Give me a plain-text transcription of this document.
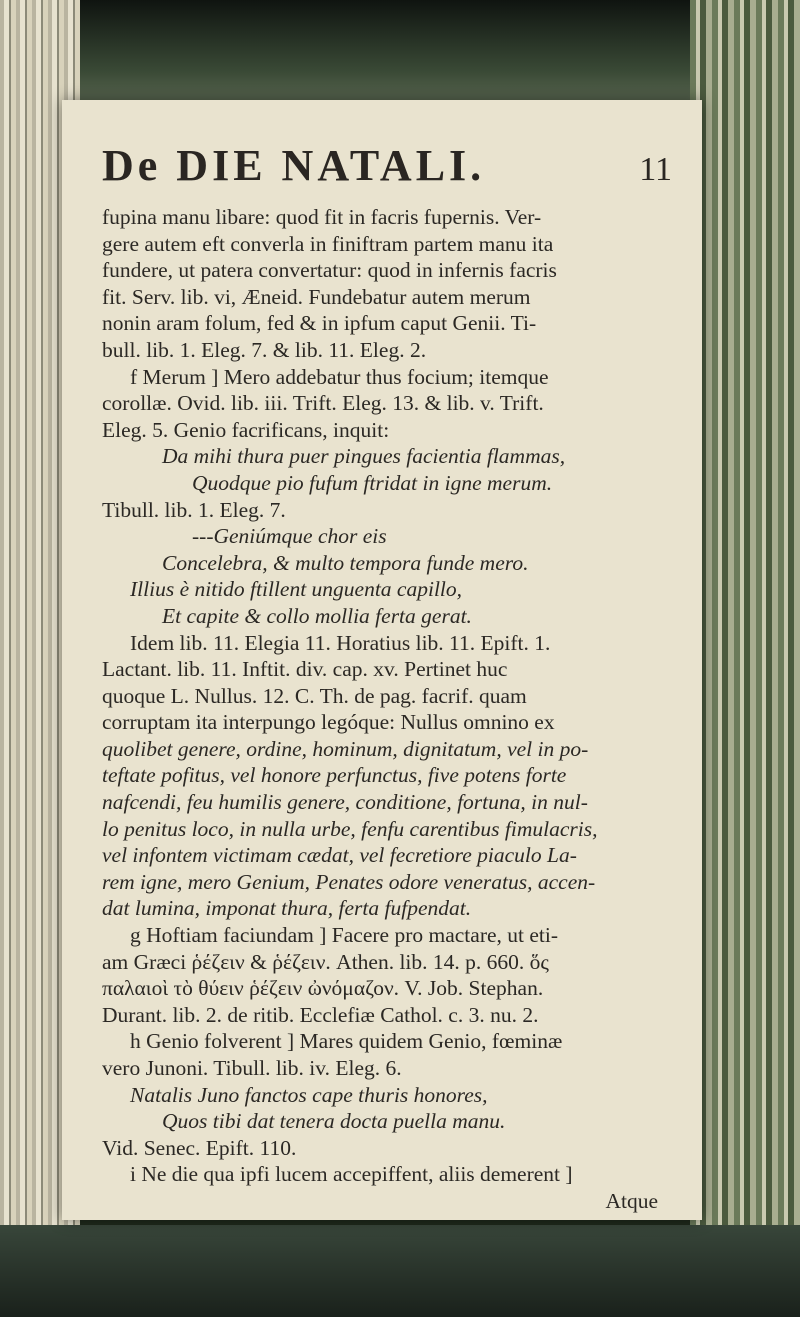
De DIE NATALI.	11
fupina manu libare: quod fit in facris fupernis. Ver-
gere autem eft converla in finiftram partem manu ita
fundere, ut patera convertatur: quod in infernis facris
fit. Serv. lib. vi, Æneid. Fundebatur autem merum
nonin aram folum, fed & in ipfum caput Genii. Ti-
bull. lib. 1. Eleg. 7. & lib. 11. Eleg. 2.
f Merum ] Mero addebatur thus focium; itemque
corollæ. Ovid. lib. iii. Trift. Eleg. 13. & lib. v. Trift.
Eleg. 5. Genio facrificans, inquit:
Da mihi thura puer pingues facientia flammas,
Quodque pio fufum ftridat in igne merum.
Tibull. lib. 1. Eleg. 7.
---Geniúmque chor eis
Concelebra, & multo tempora funde mero.
Illius è nitido ftillent unguenta capillo,
Et capite & collo mollia ferta gerat.
Idem lib. 11. Elegia 11. Horatius lib. 11. Epift. 1.
Lactant. lib. 11. Inftit. div. cap. xv. Pertinet huc
quoque L. Nullus. 12. C. Th. de pag. facrif. quam
corruptam ita interpungo legóque: Nullus omnino ex
quolibet genere, ordine, hominum, dignitatum, vel in po-
teftate pofitus, vel honore perfunctus, five potens forte
nafcendi, feu humilis genere, conditione, fortuna, in nul-
lo penitus loco, in nulla urbe, fenfu carentibus fimulacris,
vel infontem victimam cædat, vel fecretiore piaculo La-
rem igne, mero Genium, Penates odore veneratus, accen-
dat lumina, imponat thura, ferta fufpendat.
g Hoftiam faciundam ] Facere pro mactare, ut eti-
am Græci ῥέζειν & ῥέζειν. Athen. lib. 14. p. 660. ὅς
παλαιοὶ τὸ θύειν ῥέζειν ὠνόμαζον. V. Job. Stephan.
Durant. lib. 2. de ritib. Ecclefiæ Cathol. c. 3. nu. 2.
h Genio folverent ] Mares quidem Genio, fœminæ
vero Junoni. Tibull. lib. iv. Eleg. 6.
Natalis Juno fanctos cape thuris honores,
Quos tibi dat tenera docta puella manu.
Vid. Senec. Epift. 110.
i Ne die qua ipfi lucem accepiffent, aliis demerent ]
Atque
